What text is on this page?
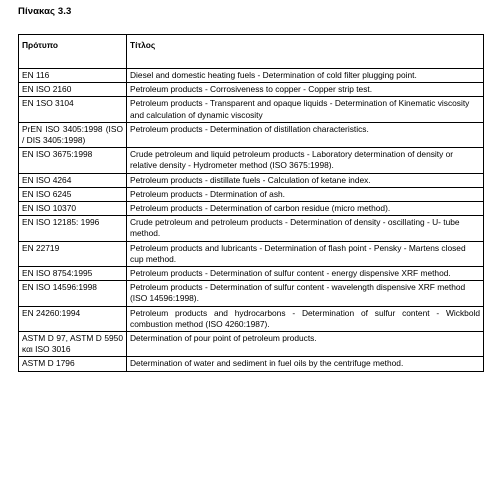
Πίνακας 3.3
Πρότυπο	Τίτλος
EN 116	Diesel and domestic heating fuels - Determination of cold filter plugging point.
EN ISO 2160	Petroleum products - Corrosiveness to copper - Copper strip test.
EN 1SO 3104	Petroleum products - Transparent and opaque liquids - Determination of Kinematic viscosity and calculation of dynamic viscosity
PrEN ISO 3405:1998 (ISO / DIS 3405:1998)	Petroleum products - Determination of distillation characteristics.
EN ISO 3675:1998	Crude petroleum and liquid petroleum products - Laboratory determination of density or relative density - Hydrometer method (ISO 3675:1998).
EN ISO 4264	Petroleum products - distillate fuels - Calculation of ketane index.
EN ISO 6245	Petroleum products - Dtermination of ash.
EN ISO 10370	Petroleum products - Determination of carbon residue (micro method).
EN ISO 12185: 1996	Crude petroleum and petroleum products - Determination of density - oscillating - U- tube method.
EN 22719	Petroleum products and lubricants - Determination of flash point - Pensky - Martens closed cup method.
EN ISO 8754:1995	Petroleum products - Determination of sulfur content - energy dispensive XRF method.
EN ISO 14596:1998	Petroleum products - Determination of sulfur content - wavelength dispensive XRF method (ISO 14596:1998).
EN 24260:1994	Petroleum products and hydrocarbons - Determination of sulfur content - Wickbold combustion method (ISO 4260:1987).
ASTM D 97, ASTM D 5950 και ISO 3016	Determination of pour point of petroleum products.
ASTM D 1796	Determination of water and sediment in fuel oils by the centrifuge method.
